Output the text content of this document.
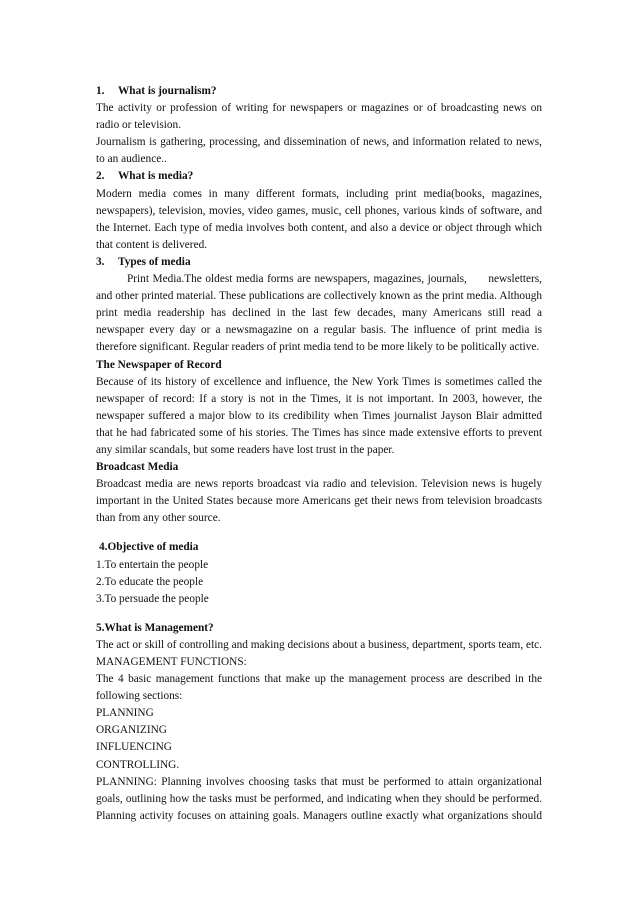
1. What is journalism?
The activity or profession of writing for newspapers or magazines or of broadcasting news on
radio or television.
Journalism is gathering, processing, and dissemination of news, and information related to news,
to an audience..
2. What is media?
Modern media comes in many different formats, including print media(books, magazines,
newspapers), television, movies, video games, music, cell phones, various kinds of software, and
the Internet. Each type of media involves both content, and also a device or object through which
that content is delivered.
3. Types of media
Print Media.The oldest media forms are newspapers, magazines, journals,      newsletters,
and other printed material. These publications are collectively known as the print media. Although
print media readership has declined in the last few decades, many Americans still read a
newspaper every day or a newsmagazine on a regular basis. The influence of print media is
therefore significant. Regular readers of print media tend to be more likely to be politically active.
The Newspaper of Record
Because of its history of excellence and influence, the New York Times is sometimes called the
newspaper of record: If a story is not in the Times, it is not important. In 2003, however, the
newspaper suffered a major blow to its credibility when Times journalist Jayson Blair admitted
that he had fabricated some of his stories. The Times has since made extensive efforts to prevent
any similar scandals, but some readers have lost trust in the paper.
Broadcast Media
Broadcast media are news reports broadcast via radio and television. Television news is hugely
important in the United States because more Americans get their news from television broadcasts
than from any other source.
4.Objective of media
1.To entertain the people
2.To educate the people
3.To persuade the people
5.What is Management?
The act or skill of controlling and making decisions about a business, department, sports team, etc.
MANAGEMENT FUNCTIONS:
The 4 basic management functions that make up the management process are described in the
following sections:
PLANNING
ORGANIZING
INFLUENCING
CONTROLLING.
PLANNING: Planning involves choosing tasks that must be performed to attain organizational
goals, outlining how the tasks must be performed, and indicating when they should be performed.
Planning activity focuses on attaining goals. Managers outline exactly what organizations should
